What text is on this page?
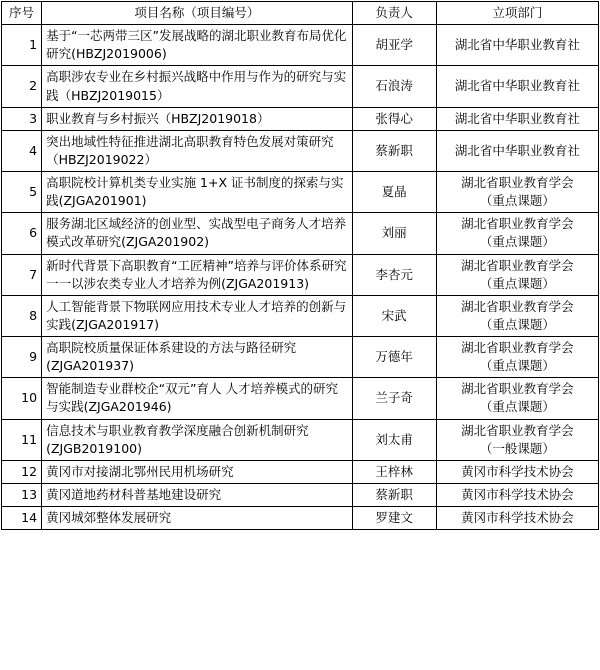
序号	项目名称（项目编号）	负责人	立项部门
1	基于“一芯两带三区”发展战略的湖北职业教育布局优化研究(HBZJ2019006)	胡亚学	湖北省中华职业教育社

2	高职涉农专业在乡村振兴战略中作用与作为的研究与实践（HBZJ2019015）	石浪涛	湖北省中华职业教育社

3	职业教育与乡村振兴（HBZJ2019018）	张得心	湖北省中华职业教育社

4	突出地域性特征推进湖北高职教育特色发展对策研究（HBZJ2019022）	蔡新职	湖北省中华职业教育社

5	高职院校计算机类专业实施 1+X 证书制度的探索与实践(ZJGA201901)	夏晶	湖北省职业教育学会
（重点课题）

6	服务湖北区域经济的创业型、实战型电子商务人才培养模式改革研究(ZJGA201902)	刘丽	湖北省职业教育学会
（重点课题）

7	新时代背景下高职教育“工匠精神”培养与评价体系研究一一以涉农类专业人才培养为例(ZJGA201913)	李杏元	湖北省职业教育学会
（重点课题）

8	人工智能背景下物联网应用技术专业人才培养的创新与实践(ZJGA201917)	宋武	湖北省职业教育学会
（重点课题）

9	高职院校质量保证体系建设的方法与路径研究(ZJGA201937)	万德年	湖北省职业教育学会
（重点课题）

10	智能制造专业群校企“双元”育人 人才培养模式的研究与实践(ZJGA201946)	兰子奇	湖北省职业教育学会
（重点课题）

11	信息技术与职业教育教学深度融合创新机制研究(ZJGB2019100)	刘太甫	湖北省职业教育学会
（一般课题）

12	黄冈市对接湖北鄂州民用机场研究	王梓林	黄冈市科学技术协会

13	黄冈道地药材科普基地建设研究	蔡新职	黄冈市科学技术协会

14	黄冈城郊整体发展研究	罗建文	黄冈市科学技术协会
